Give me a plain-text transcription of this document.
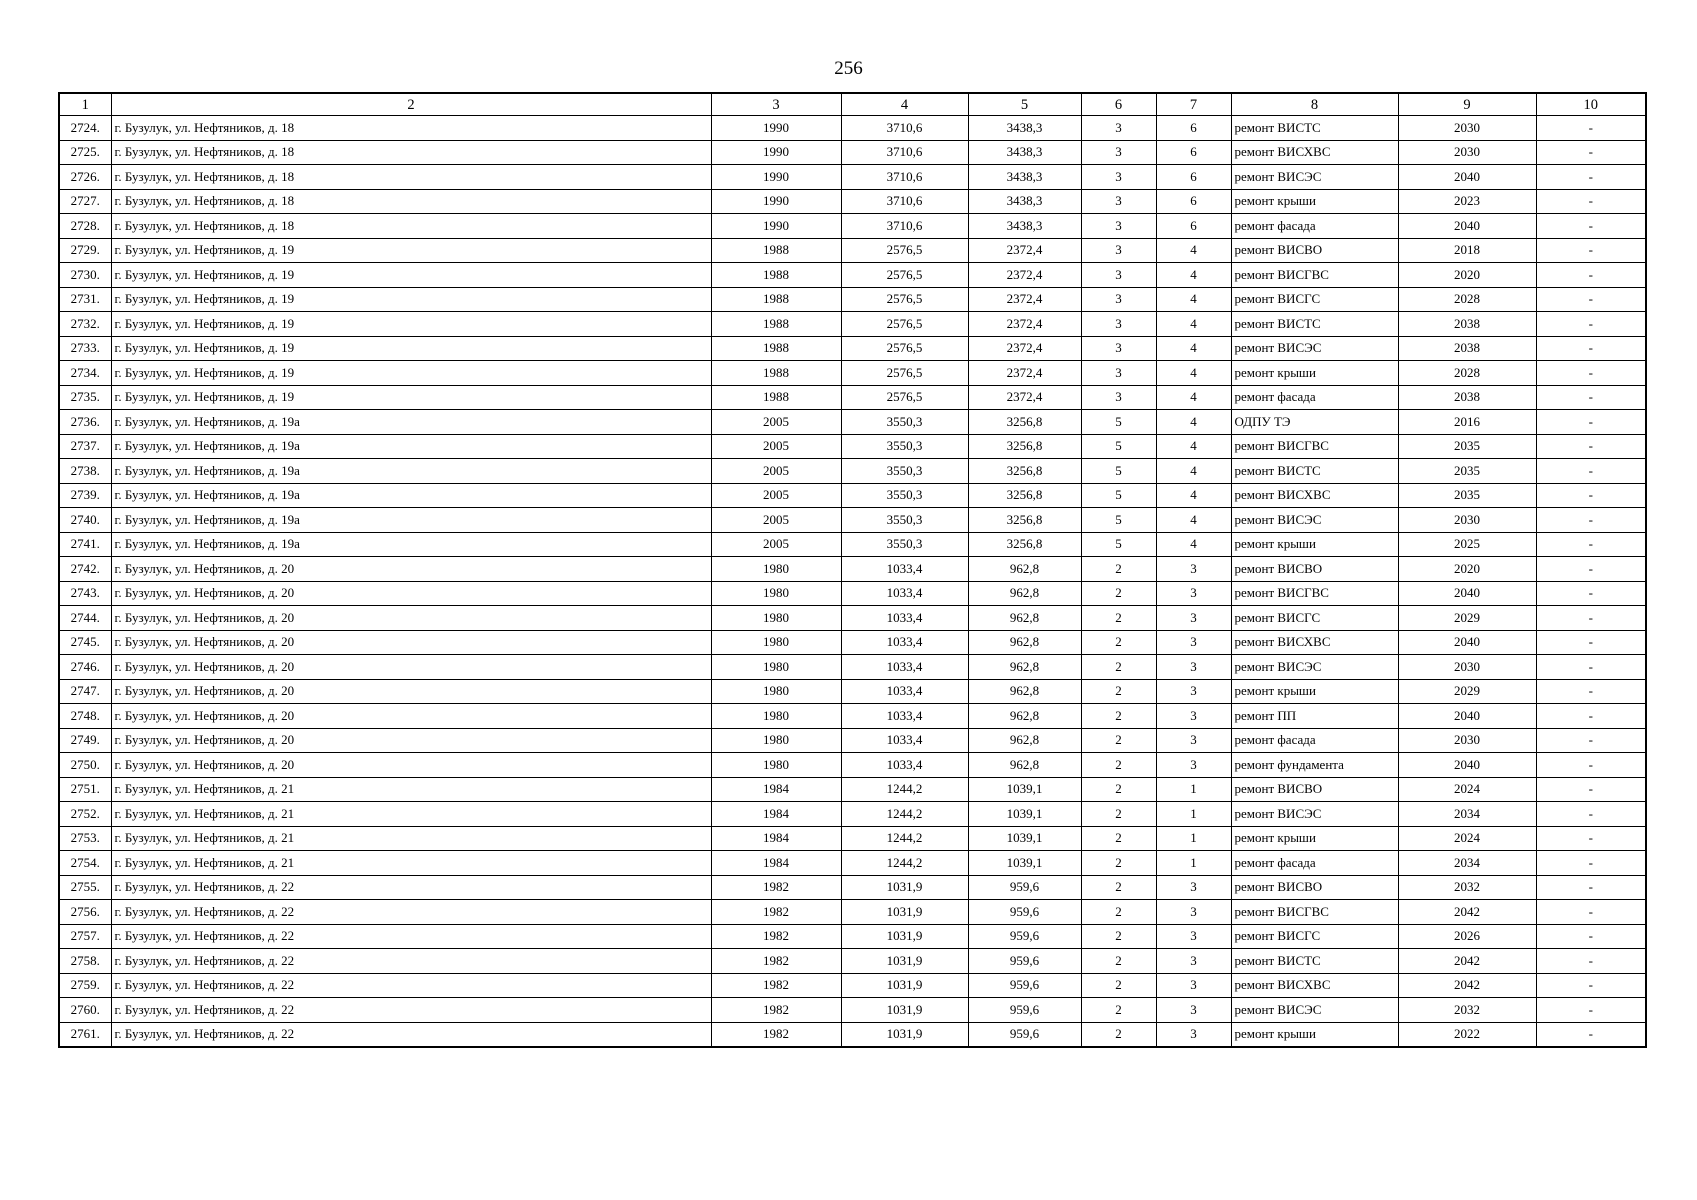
256
1	2	3	4	5	6	7	8	9	10
2724.	г. Бузулук, ул. Нефтяников, д. 18	1990	3710,6	3438,3	3	6	ремонт ВИСТС	2030	-
2725.	г. Бузулук, ул. Нефтяников, д. 18	1990	3710,6	3438,3	3	6	ремонт ВИСХВС	2030	-
2726.	г. Бузулук, ул. Нефтяников, д. 18	1990	3710,6	3438,3	3	6	ремонт ВИСЭС	2040	-
2727.	г. Бузулук, ул. Нефтяников, д. 18	1990	3710,6	3438,3	3	6	ремонт крыши	2023	-
2728.	г. Бузулук, ул. Нефтяников, д. 18	1990	3710,6	3438,3	3	6	ремонт фасада	2040	-
2729.	г. Бузулук, ул. Нефтяников, д. 19	1988	2576,5	2372,4	3	4	ремонт ВИСВО	2018	-
2730.	г. Бузулук, ул. Нефтяников, д. 19	1988	2576,5	2372,4	3	4	ремонт ВИСГВС	2020	-
2731.	г. Бузулук, ул. Нефтяников, д. 19	1988	2576,5	2372,4	3	4	ремонт ВИСГС	2028	-
2732.	г. Бузулук, ул. Нефтяников, д. 19	1988	2576,5	2372,4	3	4	ремонт ВИСТС	2038	-
2733.	г. Бузулук, ул. Нефтяников, д. 19	1988	2576,5	2372,4	3	4	ремонт ВИСЭС	2038	-
2734.	г. Бузулук, ул. Нефтяников, д. 19	1988	2576,5	2372,4	3	4	ремонт крыши	2028	-
2735.	г. Бузулук, ул. Нефтяников, д. 19	1988	2576,5	2372,4	3	4	ремонт фасада	2038	-
2736.	г. Бузулук, ул. Нефтяников, д. 19а	2005	3550,3	3256,8	5	4	ОДПУ ТЭ	2016	-
2737.	г. Бузулук, ул. Нефтяников, д. 19а	2005	3550,3	3256,8	5	4	ремонт ВИСГВС	2035	-
2738.	г. Бузулук, ул. Нефтяников, д. 19а	2005	3550,3	3256,8	5	4	ремонт ВИСТС	2035	-
2739.	г. Бузулук, ул. Нефтяников, д. 19а	2005	3550,3	3256,8	5	4	ремонт ВИСХВС	2035	-
2740.	г. Бузулук, ул. Нефтяников, д. 19а	2005	3550,3	3256,8	5	4	ремонт ВИСЭС	2030	-
2741.	г. Бузулук, ул. Нефтяников, д. 19а	2005	3550,3	3256,8	5	4	ремонт крыши	2025	-
2742.	г. Бузулук, ул. Нефтяников, д. 20	1980	1033,4	962,8	2	3	ремонт ВИСВО	2020	-
2743.	г. Бузулук, ул. Нефтяников, д. 20	1980	1033,4	962,8	2	3	ремонт ВИСГВС	2040	-
2744.	г. Бузулук, ул. Нефтяников, д. 20	1980	1033,4	962,8	2	3	ремонт ВИСГС	2029	-
2745.	г. Бузулук, ул. Нефтяников, д. 20	1980	1033,4	962,8	2	3	ремонт ВИСХВС	2040	-
2746.	г. Бузулук, ул. Нефтяников, д. 20	1980	1033,4	962,8	2	3	ремонт ВИСЭС	2030	-
2747.	г. Бузулук, ул. Нефтяников, д. 20	1980	1033,4	962,8	2	3	ремонт крыши	2029	-
2748.	г. Бузулук, ул. Нефтяников, д. 20	1980	1033,4	962,8	2	3	ремонт ПП	2040	-
2749.	г. Бузулук, ул. Нефтяников, д. 20	1980	1033,4	962,8	2	3	ремонт фасада	2030	-
2750.	г. Бузулук, ул. Нефтяников, д. 20	1980	1033,4	962,8	2	3	ремонт фундамента	2040	-
2751.	г. Бузулук, ул. Нефтяников, д. 21	1984	1244,2	1039,1	2	1	ремонт ВИСВО	2024	-
2752.	г. Бузулук, ул. Нефтяников, д. 21	1984	1244,2	1039,1	2	1	ремонт ВИСЭС	2034	-
2753.	г. Бузулук, ул. Нефтяников, д. 21	1984	1244,2	1039,1	2	1	ремонт крыши	2024	-
2754.	г. Бузулук, ул. Нефтяников, д. 21	1984	1244,2	1039,1	2	1	ремонт фасада	2034	-
2755.	г. Бузулук, ул. Нефтяников, д. 22	1982	1031,9	959,6	2	3	ремонт ВИСВО	2032	-
2756.	г. Бузулук, ул. Нефтяников, д. 22	1982	1031,9	959,6	2	3	ремонт ВИСГВС	2042	-
2757.	г. Бузулук, ул. Нефтяников, д. 22	1982	1031,9	959,6	2	3	ремонт ВИСГС	2026	-
2758.	г. Бузулук, ул. Нефтяников, д. 22	1982	1031,9	959,6	2	3	ремонт ВИСТС	2042	-
2759.	г. Бузулук, ул. Нефтяников, д. 22	1982	1031,9	959,6	2	3	ремонт ВИСХВС	2042	-
2760.	г. Бузулук, ул. Нефтяников, д. 22	1982	1031,9	959,6	2	3	ремонт ВИСЭС	2032	-
2761.	г. Бузулук, ул. Нефтяников, д. 22	1982	1031,9	959,6	2	3	ремонт крыши	2022	-
